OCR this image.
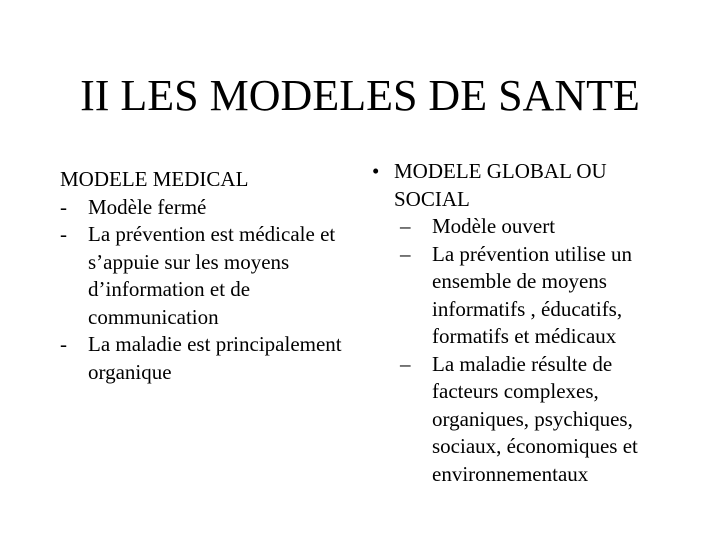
II LES MODELES DE SANTE
MODELE MEDICAL
- Modèle fermé
- La prévention est médicale et s’appuie sur les moyens d’information et de communication
- La maladie est principalement organique
• MODELE GLOBAL OU SOCIAL
– Modèle ouvert
– La prévention utilise un ensemble de moyens informatifs , éducatifs, formatifs et médicaux
– La maladie résulte de facteurs complexes, organiques, psychiques, sociaux, économiques et environnementaux
